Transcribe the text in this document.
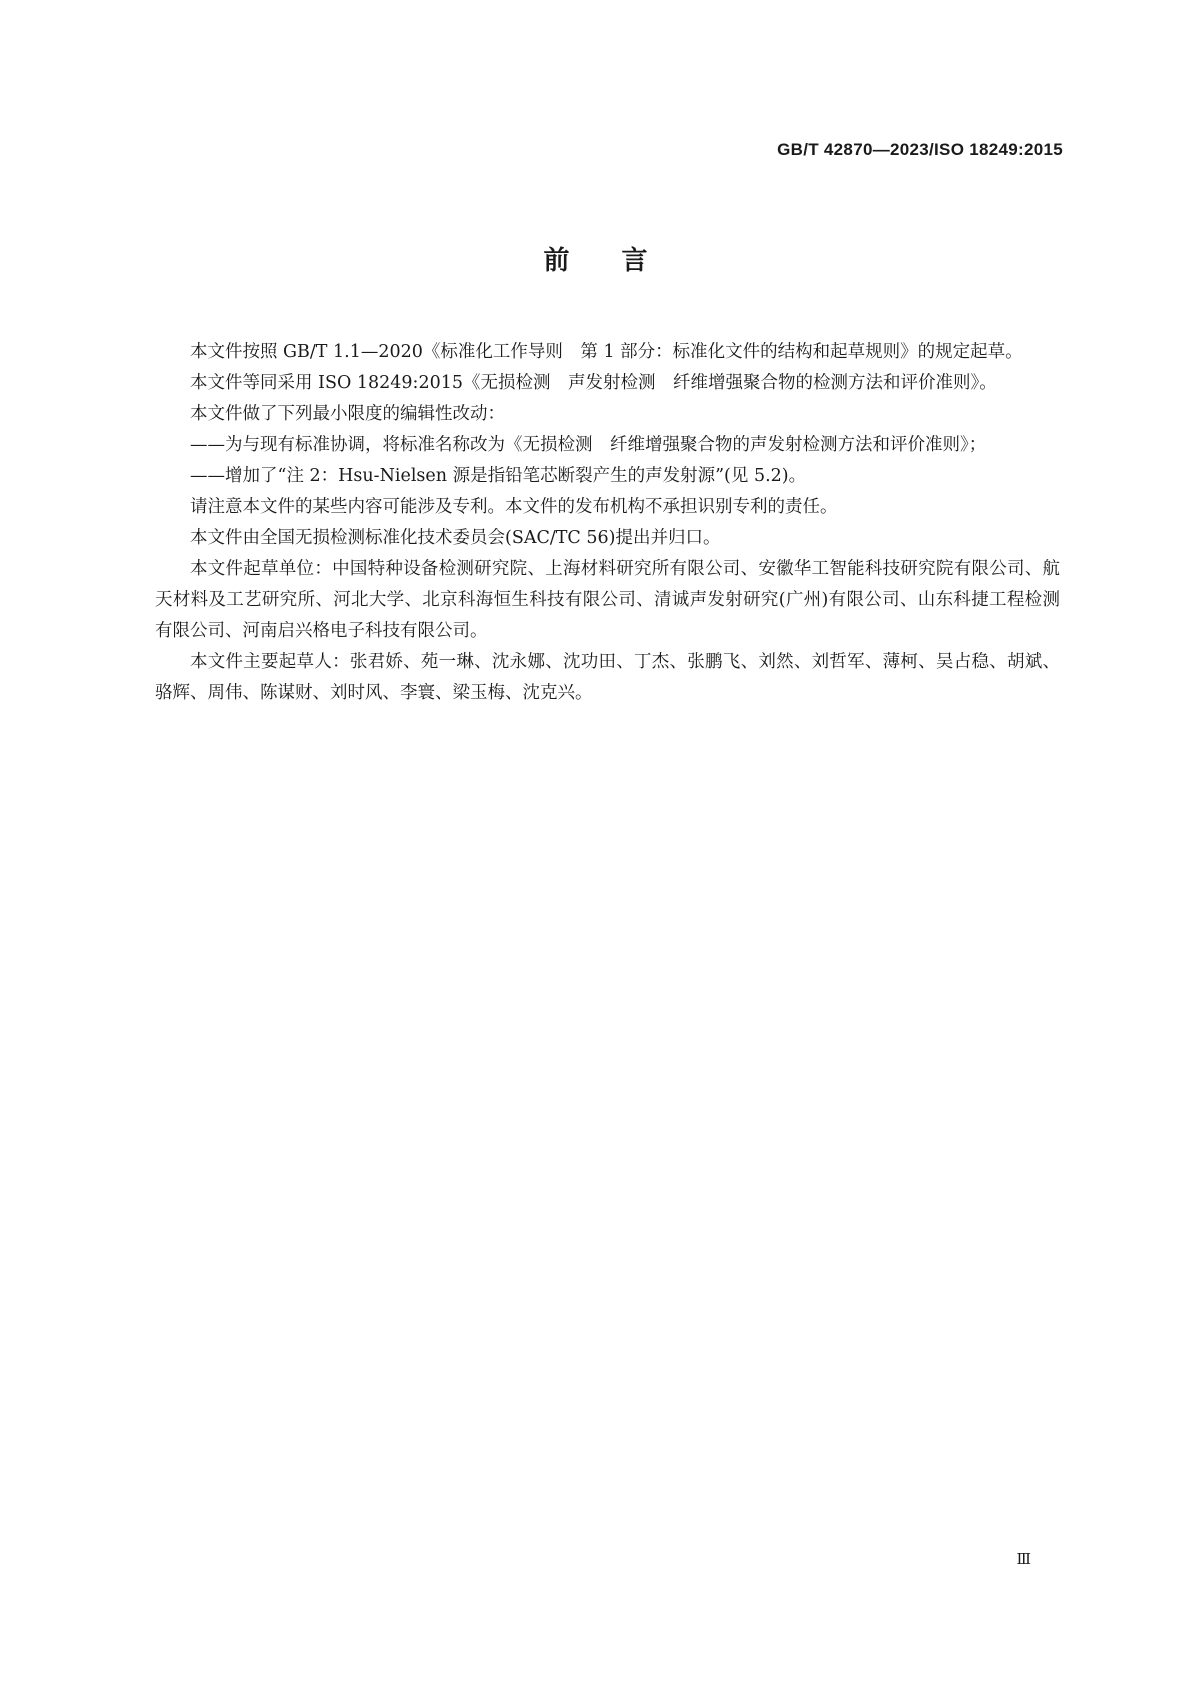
GB/T 42870—2023/ISO 18249:2015
前言

本文件按照 GB/T 1.1—2020《标准化工作导则　第 1 部分：标准化文件的结构和起草规则》的规定起草。

本文件等同采用 ISO 18249:2015《无损检测　声发射检测　纤维增强聚合物的检测方法和评价准则》。

本文件做了下列最小限度的编辑性改动：

——为与现有标准协调，将标准名称改为《无损检测　纤维增强聚合物的声发射检测方法和评价准则》；

——增加了“注 2：Hsu-Nielsen 源是指铅笔芯断裂产生的声发射源”(见 5.2)。

请注意本文件的某些内容可能涉及专利。本文件的发布机构不承担识别专利的责任。

本文件由全国无损检测标准化技术委员会(SAC/TC 56)提出并归口。

本文件起草单位：中国特种设备检测研究院、上海材料研究所有限公司、安徽华工智能科技研究院有限公司、航天材料及工艺研究所、河北大学、北京科海恒生科技有限公司、清诚声发射研究(广州)有限公司、山东科捷工程检测有限公司、河南启兴格电子科技有限公司。

本文件主要起草人：张君娇、苑一琳、沈永娜、沈功田、丁杰、张鹏飞、刘然、刘哲军、薄柯、吴占稳、胡斌、骆辉、周伟、陈谋财、刘时风、李寰、梁玉梅、沈克兴。

Ⅲ
